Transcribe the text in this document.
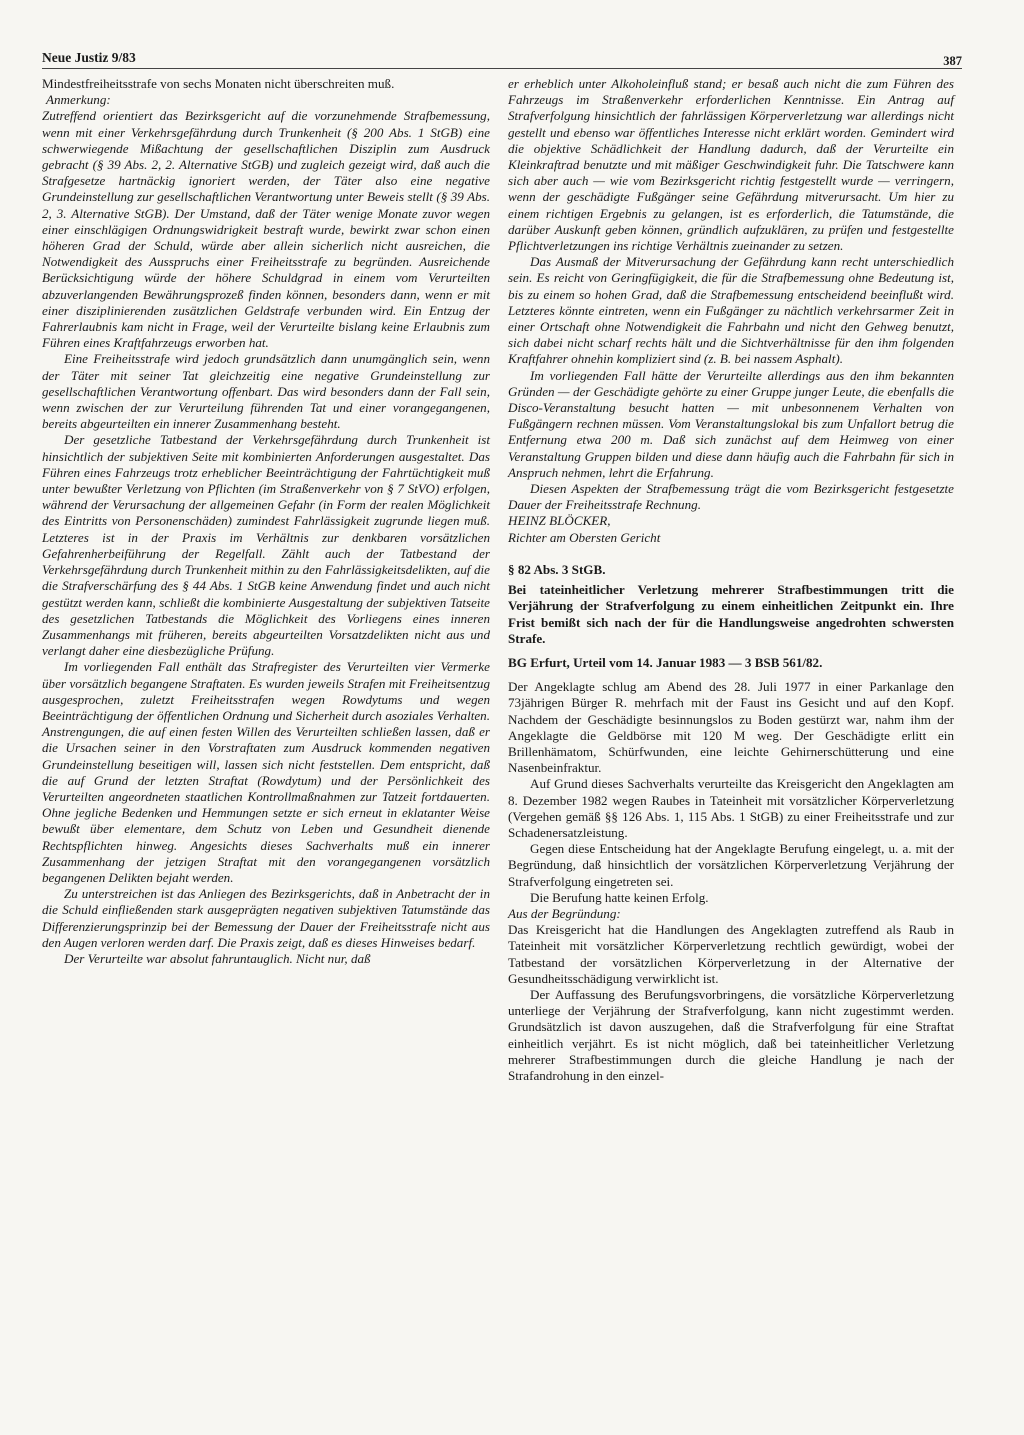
Neue Justiz 9/83	387

Mindestfreiheitsstrafe von sechs Monaten nicht überschreiten muß.

Anmerkung:

Zutreffend orientiert das Bezirksgericht auf die vorzunehmende Strafbemessung, wenn mit einer Verkehrsgefährdung durch Trunkenheit (§ 200 Abs. 1 StGB) eine schwerwiegende Mißachtung der gesellschaftlichen Disziplin zum Ausdruck gebracht (§ 39 Abs. 2, 2. Alternative StGB) und zugleich gezeigt wird, daß auch die Strafgesetze hartnäckig ignoriert werden, der Täter also eine negative Grundeinstellung zur gesellschaftlichen Verantwortung unter Beweis stellt (§ 39 Abs. 2, 3. Alternative StGB). Der Umstand, daß der Täter wenige Monate zuvor wegen einer einschlägigen Ordnungswidrigkeit bestraft wurde, bewirkt zwar schon einen höheren Grad der Schuld, würde aber allein sicherlich nicht ausreichen, die Notwendigkeit des Ausspruchs einer Freiheitsstrafe zu begründen. Ausreichende Berücksichtigung würde der höhere Schuldgrad in einem vom Verurteilten abzuverlangenden Bewährungsprozeß finden können, besonders dann, wenn er mit einer disziplinierenden zusätzlichen Geldstrafe verbunden wird. Ein Entzug der Fahrerlaubnis kam nicht in Frage, weil der Verurteilte bislang keine Erlaubnis zum Führen eines Kraftfahrzeugs erworben hat.

Eine Freiheitsstrafe wird jedoch grundsätzlich dann unumgänglich sein, wenn der Täter mit seiner Tat gleichzeitig eine negative Grundeinstellung zur gesellschaftlichen Verantwortung offenbart. Das wird besonders dann der Fall sein, wenn zwischen der zur Verurteilung führenden Tat und einer vorangegangenen, bereits abgeurteilten ein innerer Zusammenhang besteht.

Der gesetzliche Tatbestand der Verkehrsgefährdung durch Trunkenheit ist hinsichtlich der subjektiven Seite mit kombinierten Anforderungen ausgestaltet. Das Führen eines Fahrzeugs trotz erheblicher Beeinträchtigung der Fahrtüchtigkeit muß unter bewußter Verletzung von Pflichten (im Straßenverkehr von § 7 StVO) erfolgen, während der Verursachung der allgemeinen Gefahr (in Form der realen Möglichkeit des Eintritts von Personenschäden) zumindest Fahrlässigkeit zugrunde liegen muß. Letzteres ist in der Praxis im Verhältnis zur denkbaren vorsätzlichen Gefahrenherbeiführung der Regelfall. Zählt auch der Tatbestand der Verkehrsgefährdung durch Trunkenheit mithin zu den Fahrlässigkeitsdelikten, auf die die Strafverschärfung des § 44 Abs. 1 StGB keine Anwendung findet und auch nicht gestützt werden kann, schließt die kombinierte Ausgestaltung der subjektiven Tatseite des gesetzlichen Tatbestands die Möglichkeit des Vorliegens eines inneren Zusammenhangs mit früheren, bereits abgeurteilten Vorsatzdelikten nicht aus und verlangt daher eine diesbezügliche Prüfung.

Im vorliegenden Fall enthält das Strafregister des Verurteilten vier Vermerke über vorsätzlich begangene Straftaten. Es wurden jeweils Strafen mit Freiheitsentzug ausgesprochen, zuletzt Freiheitsstrafen wegen Rowdytums und wegen Beeinträchtigung der öffentlichen Ordnung und Sicherheit durch asoziales Verhalten. Anstrengungen, die auf einen festen Willen des Verurteilten schließen lassen, daß er die Ursachen seiner in den Vorstraftaten zum Ausdruck kommenden negativen Grundeinstellung beseitigen will, lassen sich nicht feststellen. Dem entspricht, daß die auf Grund der letzten Straftat (Rowdytum) und der Persönlichkeit des Verurteilten angeordneten staatlichen Kontrollmaßnahmen zur Tatzeit fortdauerten. Ohne jegliche Bedenken und Hemmungen setzte er sich erneut in eklatanter Weise bewußt über elementare, dem Schutz von Leben und Gesundheit dienende Rechtspflichten hinweg. Angesichts dieses Sachverhalts muß ein innerer Zusammenhang der jetzigen Straftat mit den vorangegangenen vorsätzlich begangenen Delikten bejaht werden.

Zu unterstreichen ist das Anliegen des Bezirksgerichts, daß in Anbetracht der in die Schuld einfließenden stark ausgeprägten negativen subjektiven Tatumstände das Differenzierungsprinzip bei der Bemessung der Dauer der Freiheitsstrafe nicht aus den Augen verloren werden darf. Die Praxis zeigt, daß es dieses Hinweises bedarf.

Der Verurteilte war absolut fahruntauglich. Nicht nur, daß

er erheblich unter Alkoholeinfluß stand; er besaß auch nicht die zum Führen des Fahrzeugs im Straßenverkehr erforderlichen Kenntnisse. Ein Antrag auf Strafverfolgung hinsichtlich der fahrlässigen Körperverletzung war allerdings nicht gestellt und ebenso war öffentliches Interesse nicht erklärt worden. Gemindert wird die objektive Schädlichkeit der Handlung dadurch, daß der Verurteilte ein Kleinkraftrad benutzte und mit mäßiger Geschwindigkeit fuhr. Die Tatschwere kann sich aber auch — wie vom Bezirksgericht richtig festgestellt wurde — verringern, wenn der geschädigte Fußgänger seine Gefährdung mitverursacht. Um hier zu einem richtigen Ergebnis zu gelangen, ist es erforderlich, die Tatumstände, die darüber Auskunft geben können, gründlich aufzuklären, zu prüfen und festgestellte Pflichtverletzungen ins richtige Verhältnis zueinander zu setzen.

Das Ausmaß der Mitverursachung der Gefährdung kann recht unterschiedlich sein. Es reicht von Geringfügigkeit, die für die Strafbemessung ohne Bedeutung ist, bis zu einem so hohen Grad, daß die Strafbemessung entscheidend beeinflußt wird. Letzteres könnte eintreten, wenn ein Fußgänger zu nächtlich verkehrsarmer Zeit in einer Ortschaft ohne Notwendigkeit die Fahrbahn und nicht den Gehweg benutzt, sich dabei nicht scharf rechts hält und die Sichtverhältnisse für den ihm folgenden Kraftfahrer ohnehin kompliziert sind (z. B. bei nassem Asphalt).

Im vorliegenden Fall hätte der Verurteilte allerdings aus den ihm bekannten Gründen — der Geschädigte gehörte zu einer Gruppe junger Leute, die ebenfalls die Disco-Veranstaltung besucht hatten — mit unbesonnenem Verhalten von Fußgängern rechnen müssen. Vom Veranstaltungslokal bis zum Unfallort betrug die Entfernung etwa 200 m. Daß sich zunächst auf dem Heimweg von einer Veranstaltung Gruppen bilden und diese dann häufig auch die Fahrbahn für sich in Anspruch nehmen, lehrt die Erfahrung.

Diesen Aspekten der Strafbemessung trägt die vom Bezirksgericht festgesetzte Dauer der Freiheitsstrafe Rechnung.

HEINZ BLÖCKER,

Richter am Obersten Gericht

§ 82 Abs. 3 StGB.

Bei tateinheitlicher Verletzung mehrerer Strafbestimmungen tritt die Verjährung der Strafverfolgung zu einem einheitlichen Zeitpunkt ein. Ihre Frist bemißt sich nach der für die Handlungsweise angedrohten schwersten Strafe.

BG Erfurt, Urteil vom 14. Januar 1983 — 3 BSB 561/82.

Der Angeklagte schlug am Abend des 28. Juli 1977 in einer Parkanlage den 73jährigen Bürger R. mehrfach mit der Faust ins Gesicht und auf den Kopf. Nachdem der Geschädigte besinnungslos zu Boden gestürzt war, nahm ihm der Angeklagte die Geldbörse mit 120 M weg. Der Geschädigte erlitt ein Brillenhämatom, Schürfwunden, eine leichte Gehirnerschütterung und eine Nasenbeinfraktur.

Auf Grund dieses Sachverhalts verurteilte das Kreisgericht den Angeklagten am 8. Dezember 1982 wegen Raubes in Tateinheit mit vorsätzlicher Körperverletzung (Vergehen gemäß §§ 126 Abs. 1, 115 Abs. 1 StGB) zu einer Freiheitsstrafe und zur Schadenersatzleistung.

Gegen diese Entscheidung hat der Angeklagte Berufung eingelegt, u. a. mit der Begründung, daß hinsichtlich der vorsätzlichen Körperverletzung Verjährung der Strafverfolgung eingetreten sei.

Die Berufung hatte keinen Erfolg.

Aus der Begründung:

Das Kreisgericht hat die Handlungen des Angeklagten zutreffend als Raub in Tateinheit mit vorsätzlicher Körperverletzung rechtlich gewürdigt, wobei der Tatbestand der vorsätzlichen Körperverletzung in der Alternative der Gesundheitsschädigung verwirklicht ist.

Der Auffassung des Berufungsvorbringens, die vorsätzliche Körperverletzung unterliege der Verjährung der Strafverfolgung, kann nicht zugestimmt werden. Grundsätzlich ist davon auszugehen, daß die Strafverfolgung für eine Straftat einheitlich verjährt. Es ist nicht möglich, daß bei tateinheitlicher Verletzung mehrerer Strafbestimmungen durch die gleiche Handlung je nach der Strafandrohung in den einzel-
